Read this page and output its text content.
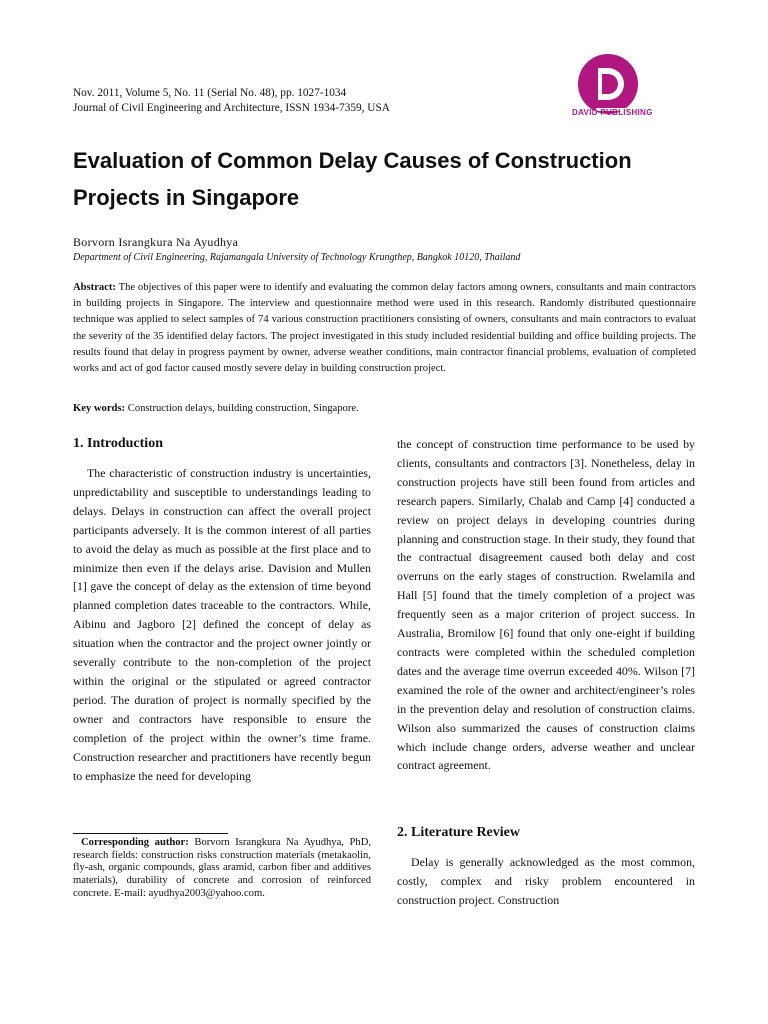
Nov. 2011, Volume 5, No. 11 (Serial No. 48), pp. 1027-1034
Journal of Civil Engineering and Architecture, ISSN 1934-7359, USA	DAVID PUBLISHING
Evaluation of Common Delay Causes of Construction Projects in Singapore
Borvorn Israngkura Na Ayudhya
Department of Civil Engineering, Rajamangala University of Technology Krungthep, Bangkok 10120, Thailand

Abstract: The objectives of this paper were to identify and evaluating the common delay factors among owners, consultants and main contractors in building projects in Singapore. The interview and questionnaire method were used in this research. Randomly distributed questionnaire technique was applied to select samples of 74 various construction practitioners consisting of owners, consultants and main contractors to evaluat the severity of the 35 identified delay factors. The project investigated in this study included residential building and office building projects. The results found that delay in progress payment by owner, adverse weather conditions, main contractor financial problems, evaluation of completed works and act of god factor caused mostly severe delay in building construction project.

Key words: Construction delays, building construction, Singapore.
1. Introduction

The characteristic of construction industry is uncertainties, unpredictability and susceptible to understandings leading to delays. Delays in construction can affect the overall project participants adversely. It is the common interest of all parties to avoid the delay as much as possible at the first place and to minimize then even if the delays arise. Davision and Mullen [1] gave the concept of delay as the extension of time beyond planned completion dates traceable to the contractors. While, Aibinu and Jagboro [2] defined the concept of delay as situation when the contractor and the project owner jointly or severally contribute to the non-completion of the project within the original or the stipulated or agreed contractor period. The duration of project is normally specified by the owner and contractors have responsible to ensure the completion of the project within the owner’s time frame. Construction researcher and practitioners have recently begun to emphasize the need for developing

the concept of construction time performance to be used by clients, consultants and contractors [3]. Nonetheless, delay in construction projects have still been found from articles and research papers. Similarly, Chalab and Camp [4] conducted a review on project delays in developing countries during planning and construction stage. In their study, they found that the contractual disagreement caused both delay and cost overruns on the early stages of construction. Rwelamila and Hall [5] found that the timely completion of a project was frequently seen as a major criterion of project success. In Australia, Bromilow [6] found that only one-eight if building contracts were completed within the scheduled completion dates and the average time overrun exceeded 40%. Wilson [7] examined the role of the owner and architect/engineer’s roles in the prevention delay and resolution of construction claims. Wilson also summarized the causes of construction claims which include change orders, adverse weather and unclear contract agreement.

2. Literature Review

Delay is generally acknowledged as the most common, costly, complex and risky problem encountered in construction project. Construction

Corresponding author: Borvorn Israngkura Na Ayudhya, PhD, research fields: construction risks construction materials (metakaolin, fly-ash, organic compounds, glass aramid, carbon fiber and additives materials), durability of concrete and corrosion of reinforced concrete. E-mail: ayudhya2003@yahoo.com.
